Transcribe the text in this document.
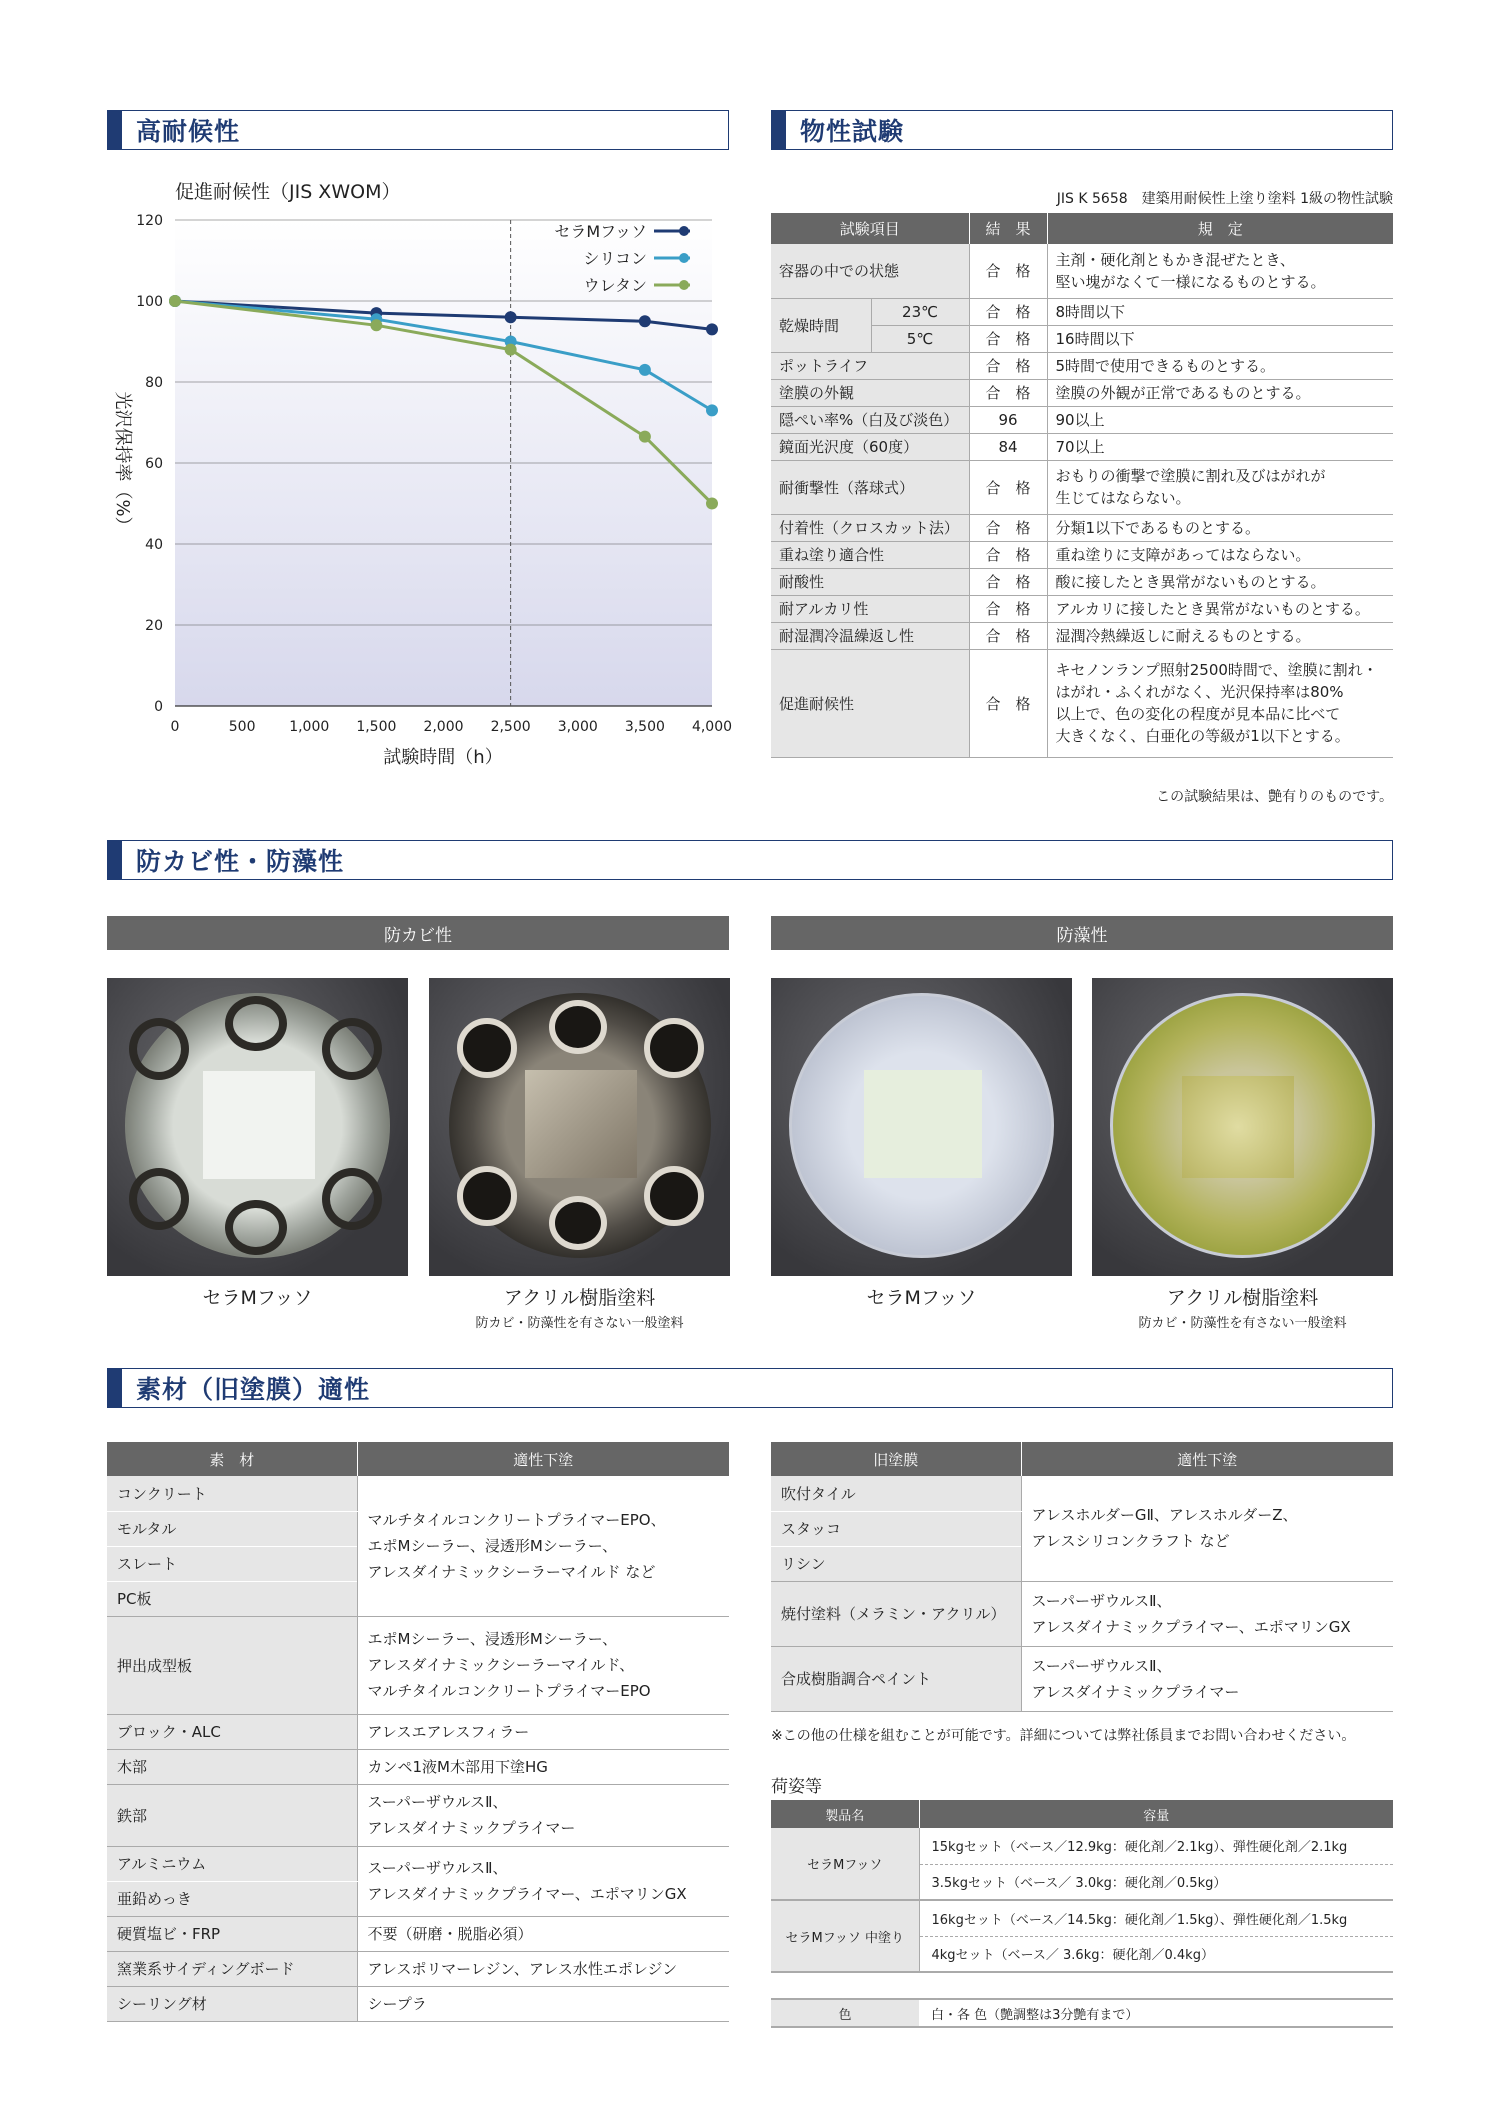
高耐候性	物性試験
防カビ性・防藻性
素材（旧塗膜）適性
促進耐候性（JIS XWOM）
0
20
40
60
80
100
120
0	500 1,000 1,500 2,000 2,500 3,000 3,500 4,000
セラMフッソ
シリコン
ウレタン
試験時間（h）
光沢保持率（%）
JIS K 5658　建築用耐候性上塗り塗料 1級の物性試験
試験項目		結　果	規　定
容器の中での状態		合　格	主剤・硬化剤ともかき混ぜたとき、
堅い塊がなくて一様になるものとする。
乾燥時間	23℃	合　格	8時間以下
	5℃	合　格	16時間以下
ポットライフ		合　格	5時間で使用できるものとする。
塗膜の外観		合　格	塗膜の外観が正常であるものとする。
隠ぺい率%（白及び淡色）		96	90以上
鏡面光沢度（60度）		84	70以上
耐衝撃性（落球式）		合　格	おもりの衝撃で塗膜に割れ及びはがれが
生じてはならない。
付着性（クロスカット法）		合　格	分類1以下であるものとする。
重ね塗り適合性		合　格	重ね塗りに支障があってはならない。
耐酸性		合　格	酸に接したとき異常がないものとする。
耐アルカリ性		合　格	アルカリに接したとき異常がないものとする。
耐湿潤冷温繰返し性		合　格	湿潤冷熱繰返しに耐えるものとする。
促進耐候性		合　格	キセノンランプ照射2500時間で、塗膜に割れ・
はがれ・ふくれがなく、光沢保持率は80%
以上で、色の変化の程度が見本品に比べて
大きくなく、白亜化の等級が1以下とする。
この試験結果は、艶有りのものです。
防カビ性	防藻性
セラMフッソ	アクリル樹脂塗料
防カビ・防藻性を有さない一般塗料
セラMフッソ	アクリル樹脂塗料
防カビ・防藻性を有さない一般塗料
素　材	適性下塗
コンクリート	マルチタイルコンクリートプライマーEPO、
エポMシーラー、浸透形Mシーラー、
アレスダイナミックシーラーマイルド など
モルタル	
スレート	
PC板	
押出成型板	エポMシーラー、浸透形Mシーラー、
アレスダイナミックシーラーマイルド、
マルチタイルコンクリートプライマーEPO
ブロック・ALC	アレスエアレスフィラー
木部	カンペ1液M木部用下塗HG
鉄部	スーパーザウルスⅡ、
アレスダイナミックプライマー
アルミニウム	スーパーザウルスⅡ、
アレスダイナミックプライマー、エポマリンGX
亜鉛めっき	
硬質塩ビ・FRP	不要（研磨・脱脂必須）
窯業系サイディングボード	アレスポリマーレジン、アレス水性エポレジン
シーリング材	シープラ
旧塗膜	適性下塗
吹付タイル	アレスホルダーGⅡ、アレスホルダーZ、
アレスシリコンクラフト など
スタッコ	
リシン	
焼付塗料（メラミン・アクリル）	スーパーザウルスⅡ、
アレスダイナミックプライマー、エポマリンGX
合成樹脂調合ペイント	スーパーザウルスⅡ、
アレスダイナミックプライマー
※この他の仕様を組むことが可能です。詳細については弊社係員までお問い合わせください。
荷姿等
製品名	容量
セラMフッソ	15kgセット（ベース／12.9kg：硬化剤／2.1kg）、弾性硬化剤／2.1kg
	3.5kgセット（ベース／ 3.0kg：硬化剤／0.5kg）
セラMフッソ 中塗り	16kgセット（ベース／14.5kg：硬化剤／1.5kg）、弾性硬化剤／1.5kg
	4kgセット（ベース／ 3.6kg：硬化剤／0.4kg）
色	白・各 色（艶調整は3分艶有まで）
